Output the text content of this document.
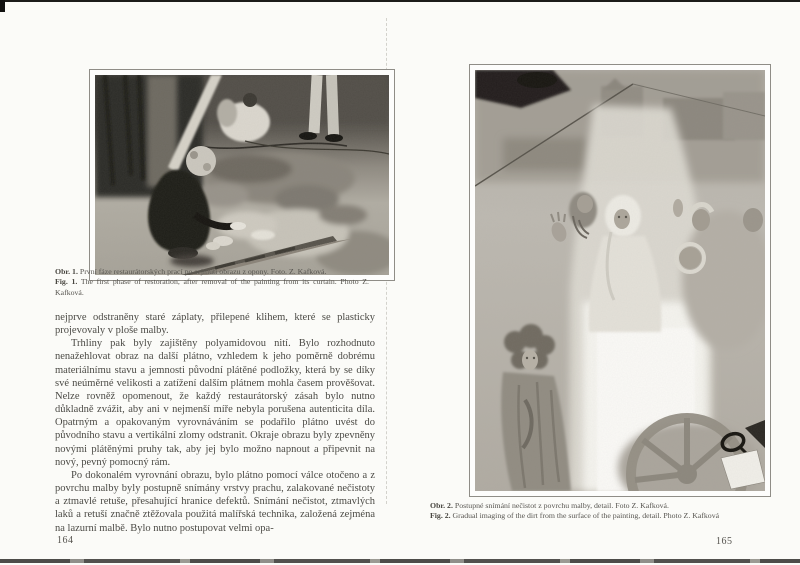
Obr. 1. První fáze restaurátorských prací po sejmutí obrazu z opony. Foto. Z. Kafková.
Fig. 1. The first phase of restoration, after removal of the painting from its curtain. Photo Z. Kafková.

nejprve odstraněny staré záplaty, přilepené klihem, které se plasticky projevovaly v ploše malby.

Trhliny pak byly zajištěny polyamidovou nití. Bylo rozhodnuto nenažehlovat obraz na další plátno, vzhledem k jeho poměrně dobrému materiálnímu stavu a jemnosti původní plátěné podložky, která by se díky své neúměrné velikosti a zatížení dalším plátnem mohla časem prověšovat. Nelze rovněž opomenout, že každý restaurátorský zásah bylo nutno důkladně zvážit, aby ani v nejmenší míře nebyla porušena autenticita díla. Opatrným a opakovaným vyrovnáváním se podařilo plátno uvést do původního stavu a vertikální zlomy odstranit. Okraje obrazu byly zpevněny novými plátěnými pruhy tak, aby jej bylo možno napnout a připevnit na nový, pevný pomocný rám.

Po dokonalém vyrovnání obrazu, bylo plátno pomocí válce otočeno a z povrchu malby byly postupně snímány vrstvy prachu, zalakované nečistoty a ztmavlé retuše, přesahující hranice defektů. Snímání nečistot, ztmavlých laků a retuší značně ztěžovala použitá malířská technika, založená zejména na lazurní malbě. Bylo nutno postupovat velmi opa-

164
Obr. 2. Postupné snímání nečistot z povrchu malby, detail. Foto Z. Kafková.
Fig. 2. Gradual imaging of the dirt from the surface of the painting, detail. Photo Z. Kafková
165
